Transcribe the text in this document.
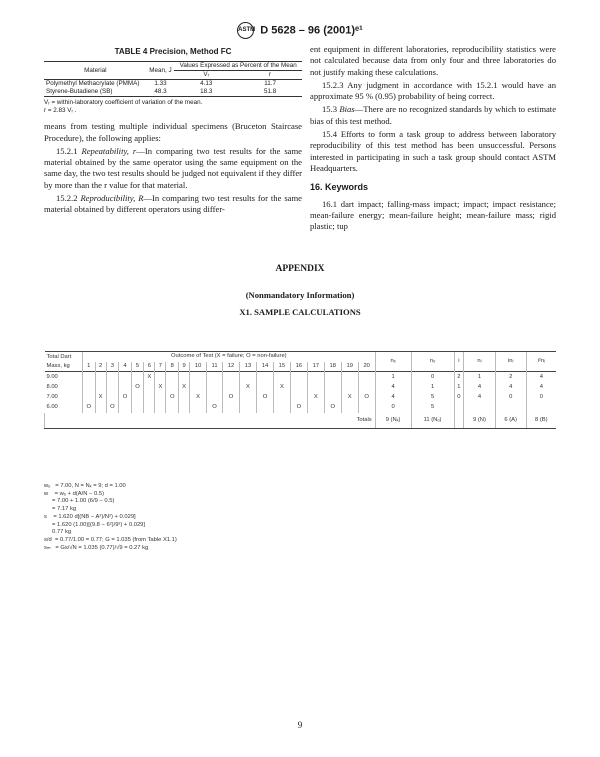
ASTM D 5628 – 96 (2001)ᵉ¹
TABLE 4 Precision, Method FC
Material	Mean, J	Values Expressed as Percent of the Mean	
		Vᵣ	r
Polymethyl Methacrylate (PMMA)	1.33	4.13	11.7
Styrene-Butadiene (SB)	48.3	18.3	51.8
Vᵣ = within-laboratory coefficient of variation of the mean.
r = 2.83 Vᵣ .

means from testing multiple individual specimens (Bruceton Staircase Procedure), the following applies:

15.2.1 Repeatability, r—In comparing two test results for the same material obtained by the same operator using the same equipment on the same day, the two test results should be judged not equivalent if they differ by more than the r value for that material.

15.2.2 Reproducibility, R—In comparing two test results for the same material obtained by different operators using differ-

ent equipment in different laboratories, reproducibility statistics were not calculated because data from only four and three laboratories do not justify making these calculations.

15.2.3 Any judgment in accordance with 15.2.1 would have an approximate 95 % (0.95) probability of being correct.

15.3 Bias—There are no recognized standards by which to estimate bias of this test method.

15.4 Efforts to form a task group to address between laboratory reproducibility of this test method has been unsuccessful. Persons interested in participating in such a task group should contact ASTM Headquarters.

16. Keywords

16.1 dart impact; falling-mass impact; impact; impact resistance; mean-failure energy; mean-failure height; mean-failure mass; rigid plastic; tup

APPENDIX
(Nonmandatory Information)
X1. SAMPLE CALCULATIONS
Total Dart Mass, kg	Outcome of Test (X = failure; O = non-failure)																				nₓ	nₒ	i	nᵢ	inᵢ	i²nᵢ
	1	2	3	4	5	6	7	8	9	10	11	12	13	14	15	16	17	18	19	20						
9.00						X															1	0	2	1	2	4
8.00					O		X		X				X		X						4	1	1	4	4	4
7.00		X		O				O		X		O		O			X		X	O	4	5	0	4	0	0
6.00	O		O								O					O		O			0	5				
Totals																					9 (Nₓ)	11 (Nₒ)		9 (N)	6 (A)	8 (B)
wₒ   = 7.00, N = Nₓ = 9; d = 1.00
w    = wₒ + d(A/N − 0.5)
= 7.00 + 1.00 (6/9 − 0.5)
= 7.17 kg
s    = 1.620 d[(NB − A²)/N²) + 0.029]
= 1.620 (1.00)[(9.8 − 6²)/9²) + 0.029]
0.77 kg
s/d  = 0.77/1.00 = 0.77; G = 1.035 (from Table X1.1)
sₘ   = Gs/√N = 1.035 (0.77)/√9 = 0.27 kg
9
